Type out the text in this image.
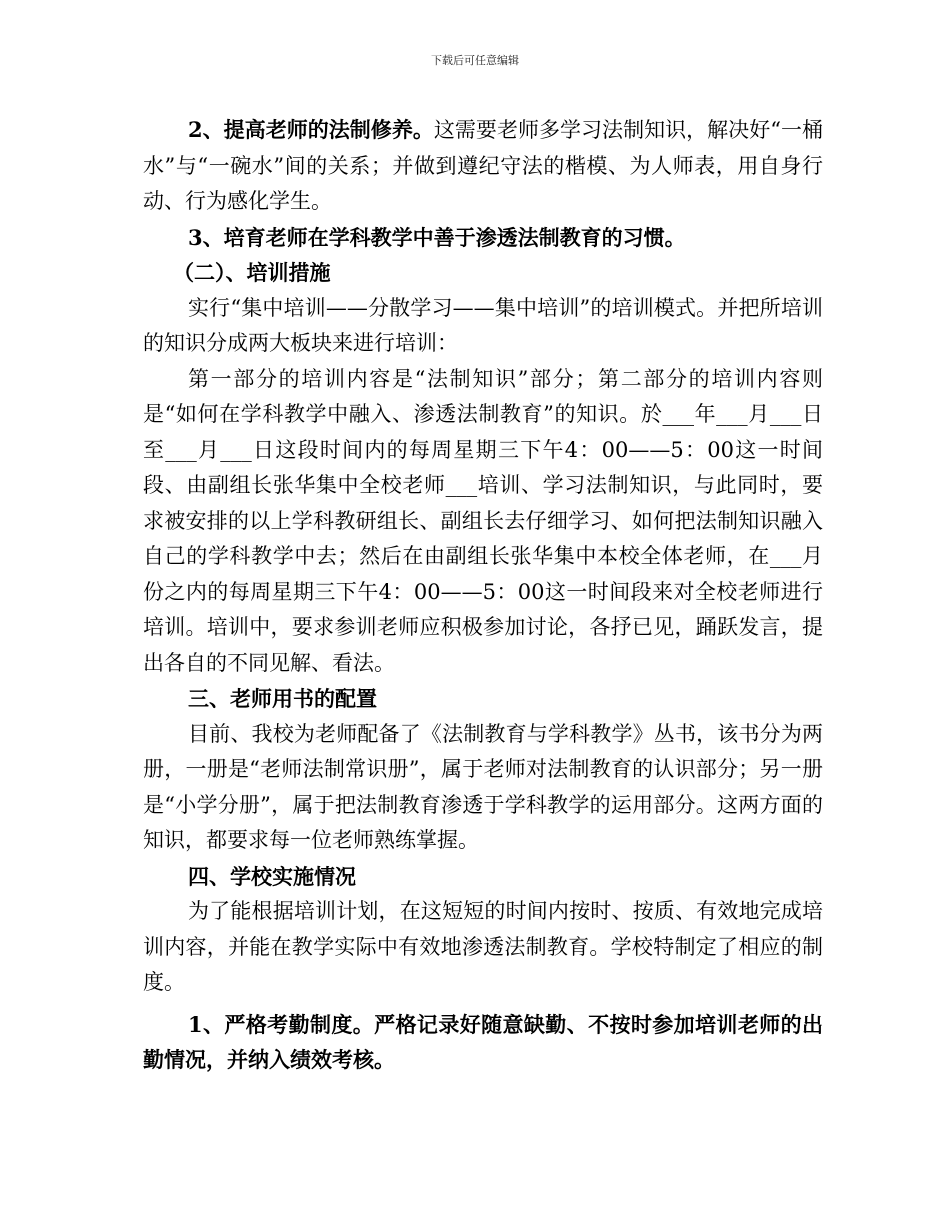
下载后可任意编辑

2、提高老师的法制修养。这需要老师多学习法制知识，解决好“一桶水”与“一碗水”间的关系；并做到遵纪守法的楷模、为人师表，用自身行动、行为感化学生。

3、培育老师在学科教学中善于渗透法制教育的习惯。

（二）、培训措施

实行“集中培训——分散学习——集中培训”的培训模式。并把所培训的知识分成两大板块来进行培训：

第一部分的培训内容是“法制知识”部分；第二部分的培训内容则是“如何在学科教学中融入、渗透法制教育”的知识。於___年___月___日至___月___日这段时间内的每周星期三下午4：00——5：00这一时间段、由副组长张华集中全校老师___培训、学习法制知识，与此同时，要求被安排的以上学科教研组长、副组长去仔细学习、如何把法制知识融入自己的学科教学中去；然后在由副组长张华集中本校全体老师，在___月份之内的每周星期三下午4：00——5：00这一时间段来对全校老师进行培训。培训中，要求参训老师应积极参加讨论，各抒已见，踊跃发言，提出各自的不同见解、看法。

三、老师用书的配置

目前、我校为老师配备了《法制教育与学科教学》丛书，该书分为两册，一册是“老师法制常识册”，属于老师对法制教育的认识部分；另一册是“小学分册”，属于把法制教育渗透于学科教学的运用部分。这两方面的知识，都要求每一位老师熟练掌握。

四、学校实施情况

为了能根据培训计划，在这短短的时间内按时、按质、有效地完成培训内容，并能在教学实际中有效地渗透法制教育。学校特制定了相应的制度。

1、严格考勤制度。严格记录好随意缺勤、不按时参加培训老师的出勤情况，并纳入绩效考核。
